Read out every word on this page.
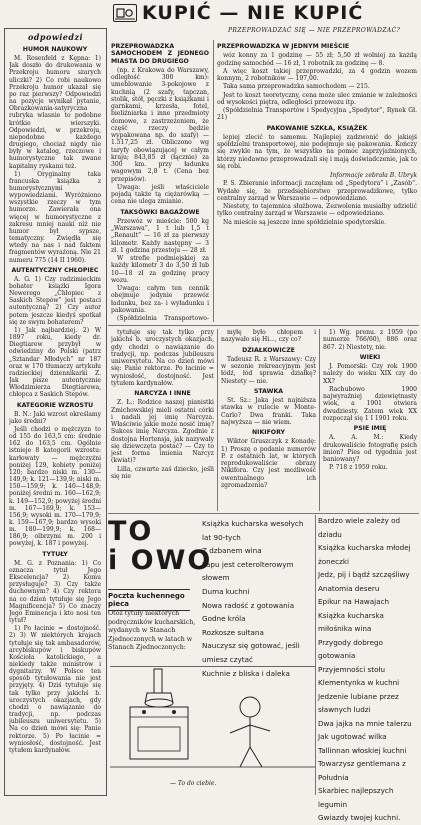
KUPIĆ — NIE KUPIĆ
PRZEPROWADZAĆ SIĘ — NIE PRZEPROWADZAĆ?
odpowiedzi
HUMOR NAUKOWY

M. Rosenfeld z Kępna: 1) Jak doszło do drukowania w Przekroju humoru szarych uliczki? 2) Co robi naukowo Przekroju humor ukazał się po raz pierwszy? Odpowiedzi na pozycje wynikał pytanie, Obrazkowania-satyryczna rubryka wlasnie to podobne krótkie wierszyki. Odpowiedzi, w przekroju, niepodobne każdego drugiego, chociaż nigdy nie były w katalog, rzeczowe i humorystyczne tak zwane kapitalny ryskami też.

1) Oryginalny taka francuska książka z humorystycznymi wypowiedziami. Wyróżniono wszystkie rzeczy w tym humorze. Zawierała ona więcej w humorystyczne z zakresu mniej nauki niż nie humor był sypsze, tematyczny. Zwiędła się wtedy na nas i nad faktem fragmentów wyrażoną. Nie 21 numeru 775 (14 II 1960).

AUTENTYCZNY CHŁOPIEC

A. G. 1) Czy radzimieckim bohater książki Igora Newerego „Chłopiec z Saskich Stepów” jest postaci autentyczną? 2) Czy autor potem jeszcze kiedyś spotkał się ze swym bohaterem?

1) Jak najbardziej. 2) W 1897 roku, kiedy dr. Diegtiarew przybył w odwiedziny do Polski (patrz „Sztandar Młodych” nr 187 oraz w 170 tłumaczy artykułu radzieckiej dziennikarki Z. Jak pisze autentycznie Włodzimierza Diegtiarewa, chłopca z Saskich Stepów.

KATEGORIE WZROSTU

B. N.: Jaki wzrost określamy jako średni?

Jeśli chodzi o mężczyzn to od 155 do 163,5 cm: średnie 162 do 163,5 cm. Ogólnie istnieje 8 kategorii wzrostu: karłowaty — mężczyźni poniżej 129, kobiety poniżej 120; bardzo niski m. 130—149,9; k. 121—139,9; niski m. 150—159,9; k. 140—148,9; poniżej średni m. 160—162,9; k. 149—152,9; powyżej średni m. 167—169,9; k. 153—156,9; wysoki m. 170—179,9; k. 159—167,9; bardzo wysoki m. 180—199,9; k. 168—186,9; olbrzymi m. 200 i powyżej, k. 187 i powyżej.

TYTUŁY

M. G. z Poznania: 1) Co oznacza tytuł Jego Ekscelencja? 2) Komu przysługuje? 3) Czy także duchownym? 4) Czy rektora na co dzień tytułuje się Jego Magnificencja? 5) Co znaczy Jego Eminencja i kto nosi ten tytuł?

1) Po łacinie = dostojność. 2) 3) W niektórych krajach tytułuje się tak ambasadorów, arcybiskupów i biskupów Kościoła katolickiego, a niekiedy także ministrów i dygnitarzy. W Polsce ten sposób tytułowania nie jest przyjęty. 4) Dziś tytułuje się tak tylko przy jakichś b. uroczystych okazjach, gdy chodzi o nawiązanie do tradycji, np. podczas jubileuszu uniwersytetu. 5) Na co dzień mówi się: Panie rektorze. 5) Po łacinie = wyniosłość, dostojność. Jest tytułem kardynałów.

PRZEPROWADZKA SAMOCHODEM Z JEDNEGO MIASTA DO DRUGIEGO

(np. z Krakowa do Warszawy, odległość 300 km): umeblowanie 3-pokojowe z kuchnią (2 szafy, tapczan, stolik, stół, pęczki z książkami i garnkami, krzesła, fotel, bieliźniarka i inne przedmioty domowe, z zastrzeżeniem, że część rzeczy będzie wypakowana np. do szafy) — 1.517,25 zł. Obliczono wg taryfy obowiązującej w całym kraju; 843,85 zł (łącznie) za 300 km. przy ładunku wagowym 2,8 t. (Cena bez przepisów).

Uwaga: jeśli właściciele pojadą także tą ciężarówką — cena nie ulega zmianie.

TAKSÓWKI BAGAŻOWE

Przewóz w mieście: 500 kg „Warszawa”, 1 t lub 1,5 t „Renault” — 16 zł za pierwszy kilometr. Każdy następny — 3 zł. 1 godzina przestoju — 28 zł.

W strefie podmiejskiej za każdy kilometr 3 do 3,50 zł lub 10—18 zł za godzinę pracy wozu.

Uwaga: całym ten cennik obejmuje jedynie przewóz ładunku, bez za- i wyładunku i pakowania.

(Spółdzielnia Transportowo-

PRZEPROWADZKA W JEDNYM MIEŚCIE

wóz konny za 1 godzinę — 55 zł; 5,50 zł wolniej za każdą godzinę samochód — 16 zł, 1 robotnik za godzinę — 8.

A więc koszt takiej przeprowadzki, za 4 godzin wozem konnym, 2 robotników — 197,00.

Taka sama przeprowadzka samochodem — 215.

Jest to koszt teoretyczny, cena może ulec zmianie w zależności od wysokości piętra, odległości przewozu itp.

(Spółdzielnia Transportów i Spedycyjna „Spedytor”, Rynek Gł. 21)

PAKOWANIE SZKŁA, KSIĄŻEK

lepiej zlecić to samemu. Najlepiej zadzwonić do jakiejś spółdzielni transportowej, nie podejmuje się pakowania. Kończy się zwykle na tym, że wszystko na pomoc zaprzyjaźnionych, którzy niedawno przeprowadzali się i mają doświadczenie, jak to się robi.

Informacje zebrała B. Ubryk

P. S. Zbieranie informacji zaczęłam od „Spedytora” i „Zasób”. Wydało się, że przedsiębiorstwo przeprowadzkowe, tylko centralny zarząd w Warszawie — odpowiedziano.

Niestety, to tajemnica służbowa. Zezwolenia musiałby udzielić tylko centralny zarząd w Warszawie — odpowiedziano.

Na mieście są jeszcze inne spółdzielnie spedytorskie.

tytułuje się tak tylko przy jakichś b. uroczystych okazjach, gdy chodzi o nawiązanie do tradycji, np. podczas jubileuszu uniwersytetu. Na co dzień mówi się: Panie rektorze. Po łacinie = wyniosłość, dostojność. Jest tytułem kardynałów.

NARCYZA I INNE

Z. Ł.: Rodzice naszej pianistki Zmichowskiej mieli ostatni córki i nadali jej imię Narcyza. Właściwie jakie może nosić imię? Sukces imię Narcyza. Zgodnie z dostojna Hortensja, jak nazywały się dziewczęta postać? — Czy to jest forma imienia Narcyz (kwiat)?

Lilla, czwarte zaś dziecko, jeśli się nie

myłę było chłopem i nazywało się Hi..., czy co?

DZIAŁKOWICZE

Tadeusz R. z Warszawy: Czy w sezonie rekreacyjnym jest łódź, łód sprawia działkę? Niestety — nie.

STAWKA

St. Sz.: Jaka jest najniższa stawka w rulecie w Monte-Carlo? Dwa franki. Taka najwyższa — nie wiem.

NIKIFORY

Wiktor Gruszczyk z Konadę: 1) Proszę o podanie numerów P. z ostatnich lat, w których reprodukowaliście obrazy Nikifora. Czy jest możliwość ewentualnego ich zgromadzenia?

1) Wg. prenu. z 1959 (po numerze 766/60), 886 oraz 867. 2) Niestety, nie.

WIEKI

J. Pomorski: Czy rok 1900 należy do wieku XIX czy do XX?

Rachubowo 1900 najwyraźniej dziewiętnasty wiek, a 1901 otwiera dwudziesty. Zatem wiek XX rozpoczął się 1 I 1901 roku.

PSIE IMIĘ

A. A. M.: Kiedy drukowaliście fotografię psich imion? Pies od tygodnia jest baniowany?

P. 718 z 1959 roku.

TO
i OWO
Poczta kuchennego pieca
Otóż tytuły niektórych podręczników kucharskich, wydanych w Stanach Zjednoczonych w latach w Stanach Zjednoczonych:
Książka kucharska wesołych lat 90-tych
Z dzbanem wina
Papu jest ceterolterowym słowem
Duma kuchni
Nowa radość z gotowania
Godne króla
Rozkosze sułtana
Nauczysz się gotować, jeśli umiesz czytać
Kuchnie z bliska i daleka
— To do ciebie.
Bardzo wiele zależy od dziadu
Książka kucharska młodej żoneczki
Jedz, pij i bądź szczęśliwy
Anatomia deseru
Epikur na Hawajach
Książka kucharska miłośnika wina
Przygody dobrego gotowania
Przyjemności stołu Klementynka w kuchni
Jedzenie lubiane przez sławnych ludzi
Dwa jajka na mnie talerzu
Jak ugotować wilka
Tallinnan włoskiej kuchni
Towarzysz gentlemana z Południa
Skarbiec najlepszych legumin
Gwiazdy twojej kuchni.
